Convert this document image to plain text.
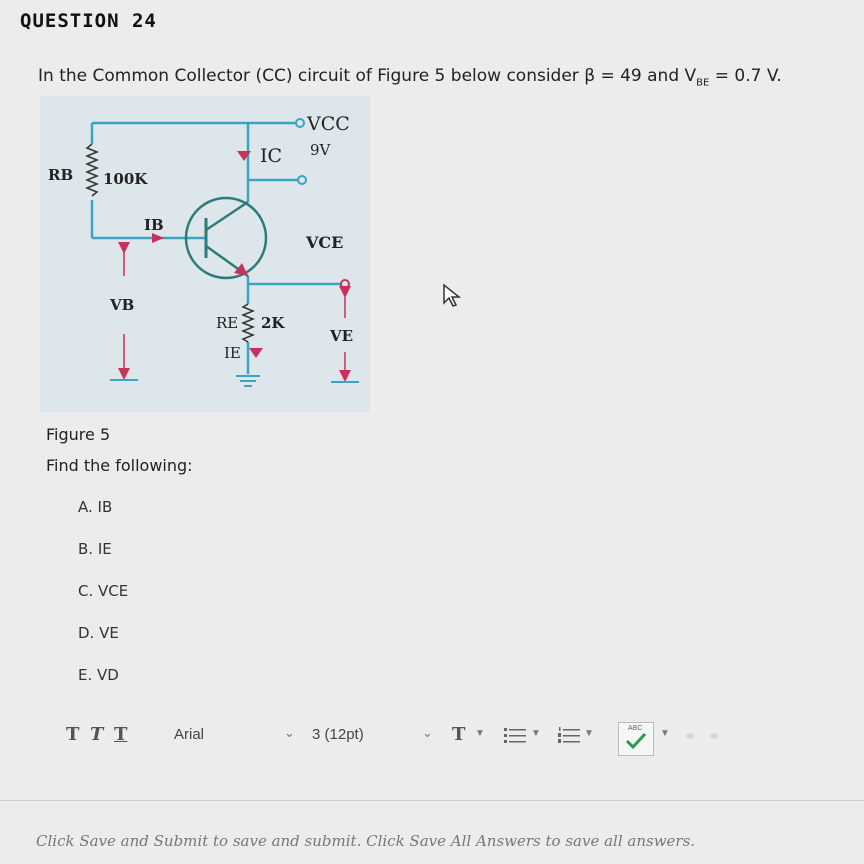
QUESTION 24
In the Common Collector (CC) circuit of Figure 5 below consider β = 49 and $V_{BE} = 0.7$ V.
VCC
9V
IC
RB 100K
IB
VCE
VB
RE 2K
IE
VE
Figure 5
Find the following:
A. IB
B. IE
C. VCE
D. VE
E. VD
T T T	Arial	⌄ 3 (12pt)	⌄ T ▼	▼	▼	ABC ▼ ⚭ ⚭
Click Save and Submit to save and submit. Click Save All Answers to save all answers.
